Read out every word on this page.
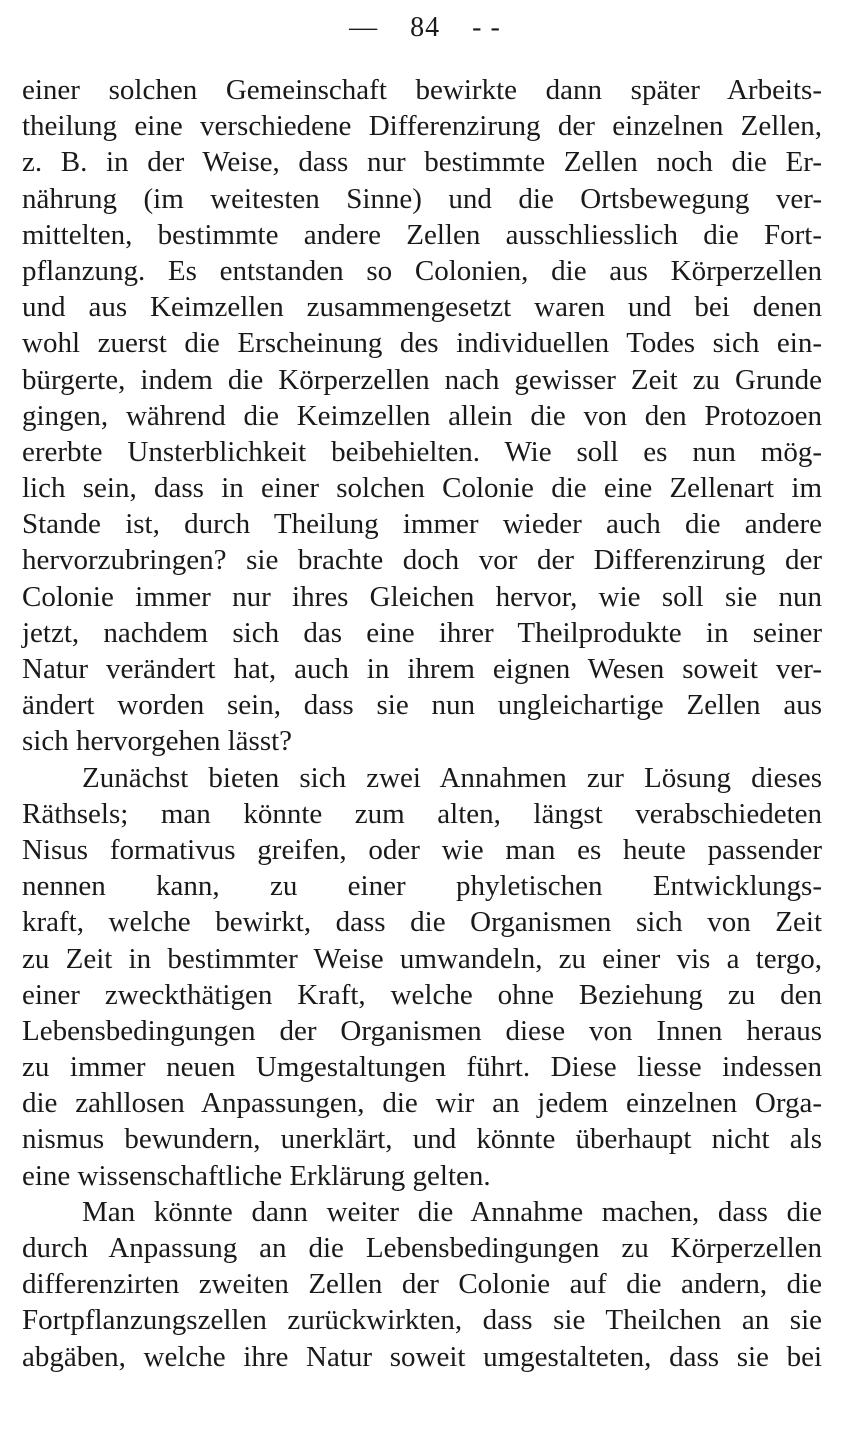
— 84 - -
einer solchen Gemeinschaft bewirkte dann später Arbeits-
theilung eine verschiedene Differenzirung der einzelnen Zellen,
z. B. in der Weise, dass nur bestimmte Zellen noch die Er-
nährung (im weitesten Sinne) und die Ortsbewegung ver-
mittelten, bestimmte andere Zellen ausschliesslich die Fort-
pflanzung. Es entstanden so Colonien, die aus Körperzellen
und aus Keimzellen zusammengesetzt waren und bei denen
wohl zuerst die Erscheinung des individuellen Todes sich ein-
bürgerte, indem die Körperzellen nach gewisser Zeit zu Grunde
gingen, während die Keimzellen allein die von den Protozoen
ererbte Unsterblichkeit beibehielten. Wie soll es nun mög-
lich sein, dass in einer solchen Colonie die eine Zellenart im
Stande ist, durch Theilung immer wieder auch die andere
hervorzubringen? sie brachte doch vor der Differenzirung der
Colonie immer nur ihres Gleichen hervor, wie soll sie nun
jetzt, nachdem sich das eine ihrer Theilprodukte in seiner
Natur verändert hat, auch in ihrem eignen Wesen soweit ver-
ändert worden sein, dass sie nun ungleichartige Zellen aus
sich hervorgehen lässt?
Zunächst bieten sich zwei Annahmen zur Lösung dieses
Räthsels; man könnte zum alten, längst verabschiedeten
Nisus formativus greifen, oder wie man es heute passender
nennen kann, zu einer phyletischen Entwicklungs-
kraft, welche bewirkt, dass die Organismen sich von Zeit
zu Zeit in bestimmter Weise umwandeln, zu einer vis a tergo,
einer zweckthätigen Kraft, welche ohne Beziehung zu den
Lebensbedingungen der Organismen diese von Innen heraus
zu immer neuen Umgestaltungen führt. Diese liesse indessen
die zahllosen Anpassungen, die wir an jedem einzelnen Orga-
nismus bewundern, unerklärt, und könnte überhaupt nicht als
eine wissenschaftliche Erklärung gelten.
Man könnte dann weiter die Annahme machen, dass die
durch Anpassung an die Lebensbedingungen zu Körperzellen
differenzirten zweiten Zellen der Colonie auf die andern, die
Fortpflanzungszellen zurückwirkten, dass sie Theilchen an sie
abgäben, welche ihre Natur soweit umgestalteten, dass sie bei
